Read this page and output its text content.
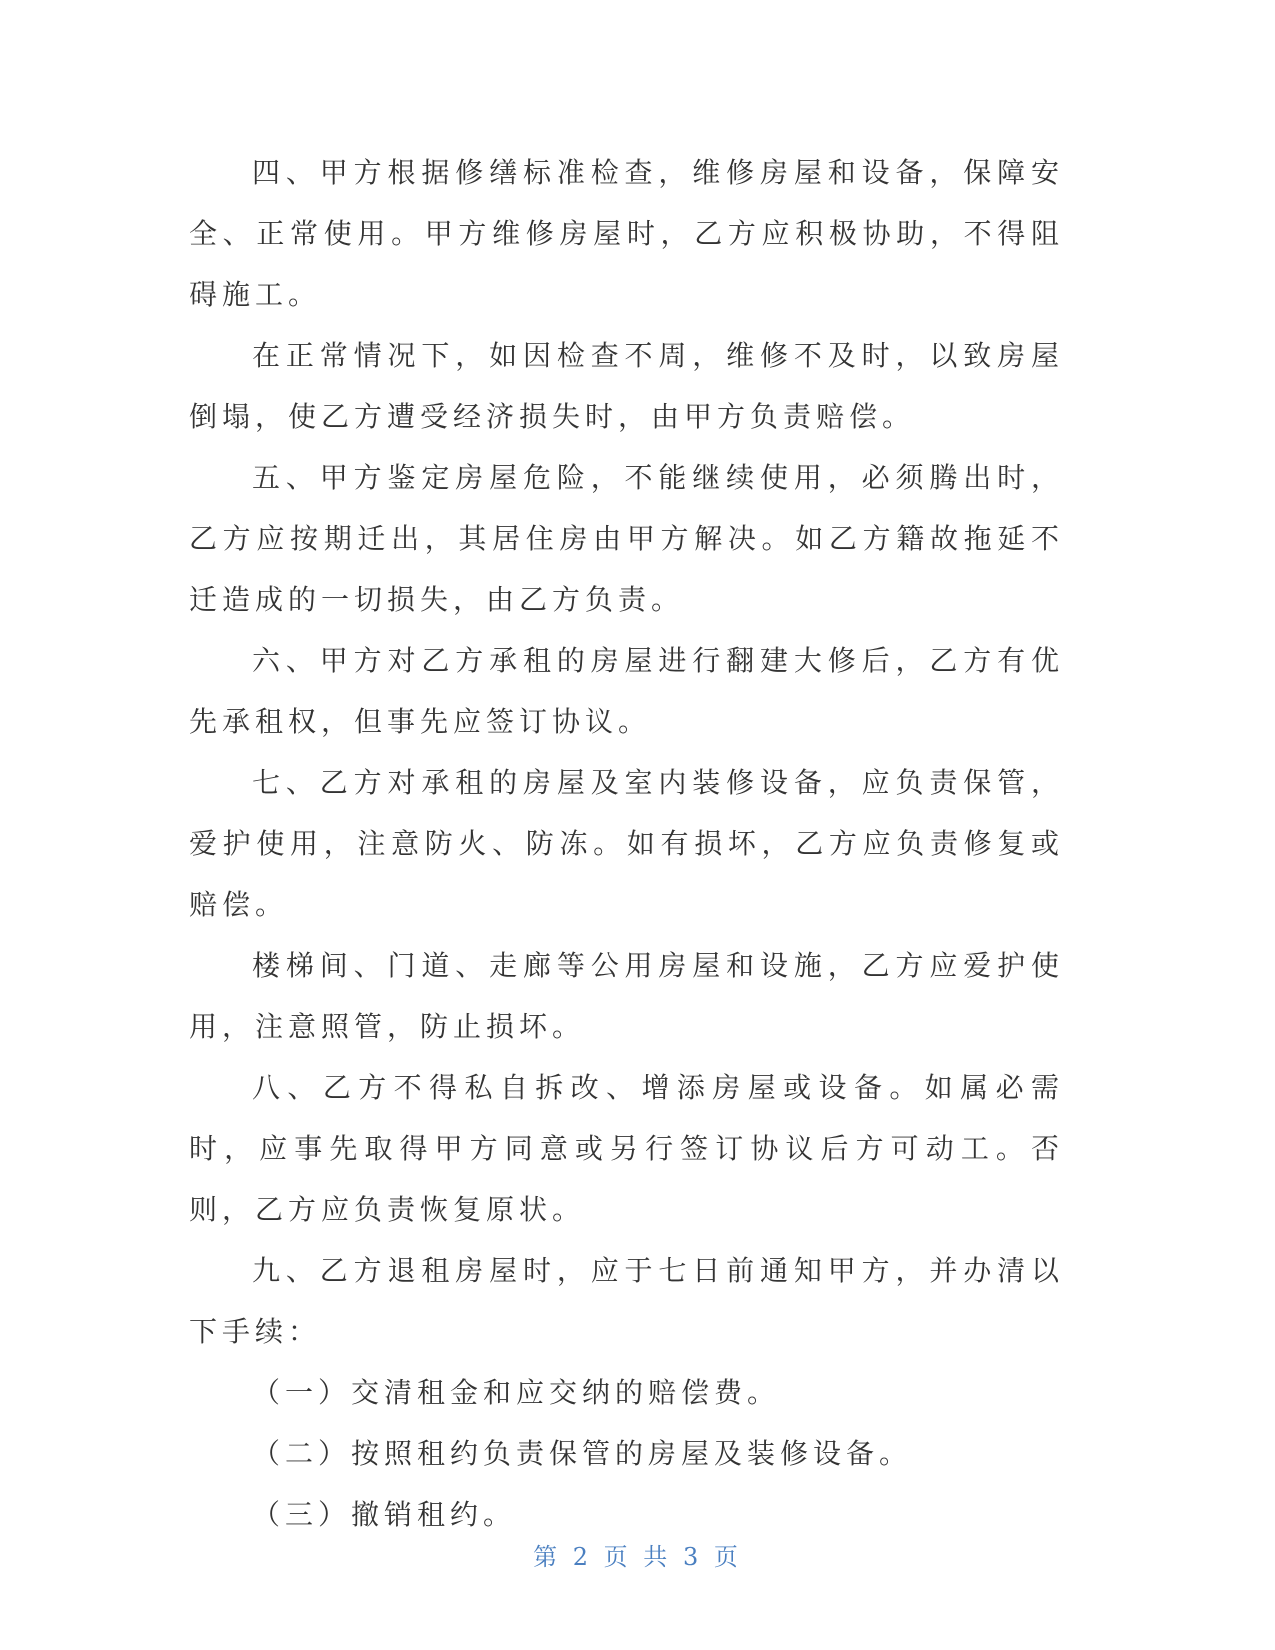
四、甲方根据修缮标准检查，维修房屋和设备，保障安全、正常使用。甲方维修房屋时，乙方应积极协助，不得阻碍施工。

在正常情况下，如因检查不周，维修不及时，以致房屋倒塌，使乙方遭受经济损失时，由甲方负责赔偿。

五、甲方鉴定房屋危险，不能继续使用，必须腾出时，乙方应按期迁出，其居住房由甲方解决。如乙方籍故拖延不迁造成的一切损失，由乙方负责。

六、甲方对乙方承租的房屋进行翻建大修后，乙方有优先承租权，但事先应签订协议。

七、乙方对承租的房屋及室内装修设备，应负责保管，爱护使用，注意防火、防冻。如有损坏，乙方应负责修复或赔偿。

楼梯间、门道、走廊等公用房屋和设施，乙方应爱护使用，注意照管，防止损坏。

八、乙方不得私自拆改、增添房屋或设备。如属必需时，应事先取得甲方同意或另行签订协议后方可动工。否则，乙方应负责恢复原状。

九、乙方退租房屋时，应于七日前通知甲方，并办清以下手续：

（一）交清租金和应交纳的赔偿费。

（二）按照租约负责保管的房屋及装修设备。

（三）撤销租约。

第 2 页 共 3 页
